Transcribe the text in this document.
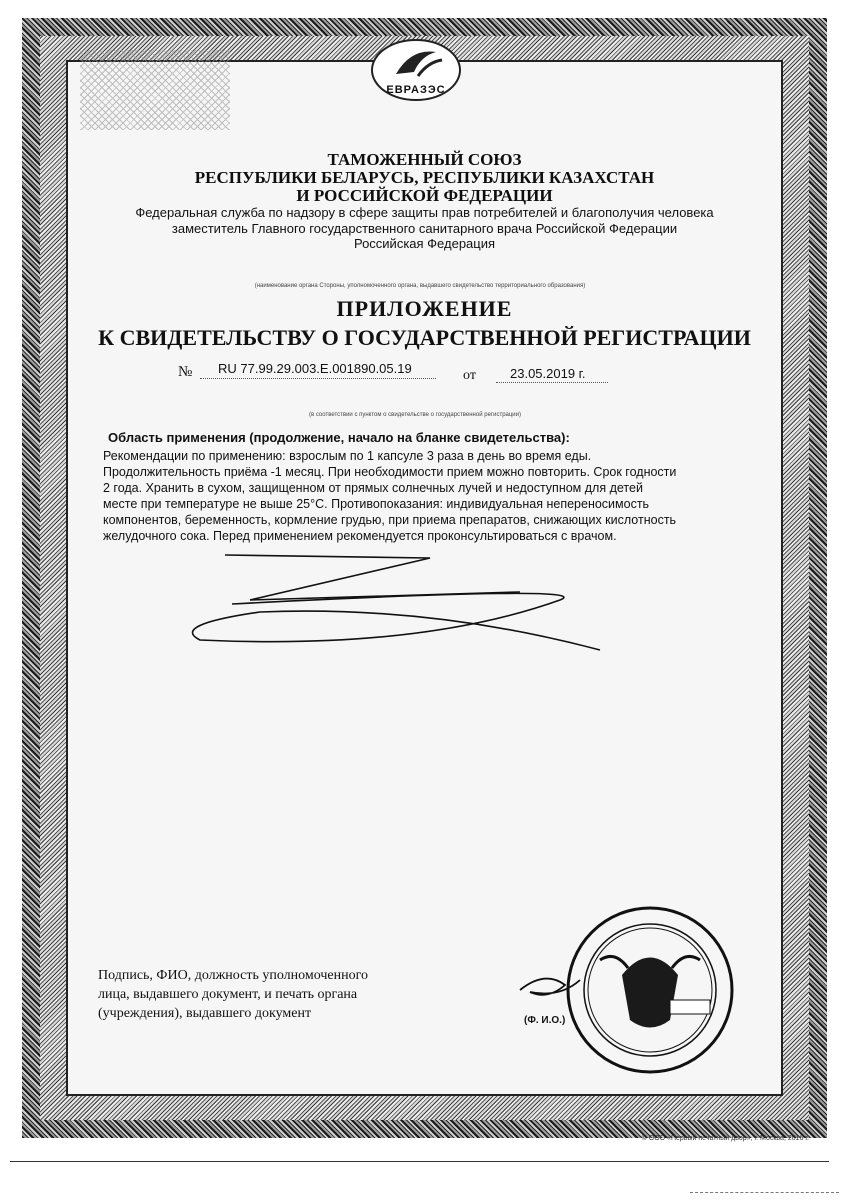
ЕВРАЗЭС
ТАМОЖЕННЫЙ СОЮЗ
РЕСПУБЛИКИ БЕЛАРУСЬ, РЕСПУБЛИКИ КАЗАХСТАН
И РОССИЙСКОЙ ФЕДЕРАЦИИ
Федеральная служба по надзору в сфере защиты прав потребителей и благополучия человека
заместитель Главного государственного санитарного врача Российской Федерации
Российская Федерация
(наименование органа Стороны, уполномоченного органа, выдавшего свидетельство территориального образования)
ПРИЛОЖЕНИЕ
К СВИДЕТЕЛЬСТВУ О ГОСУДАРСТВЕННОЙ РЕГИСТРАЦИИ
№ RU 77.99.29.003.E.001890.05.19	от	23.05.2019 г.
(в соответствии с пунктом о свидетельстве о государственной регистрации)
Область применения (продолжение, начало на бланке свидетельства):
Рекомендации по применению: взрослым по 1 капсуле 3 раза в день во время еды.
Продолжительность приёма -1 месяц. При необходимости прием можно повторить. Срок годности
2 года. Хранить в сухом, защищенном от прямых солнечных лучей и недоступном для детей
месте при температуре не выше 25°С. Противопоказания: индивидуальная непереносимость
компонентов, беременность, кормление грудью, при приема препаратов, снижающих кислотность
желудочного сока. Перед применением рекомендуется проконсультироваться с врачом.
Подпись, ФИО, должность уполномоченного
лица, выдавшего документ, и печать органа
(учреждения), выдавшего документ	(Ф. И.О.)
© ООО «Первый печатный двор», г. Москва, 2016 г.
